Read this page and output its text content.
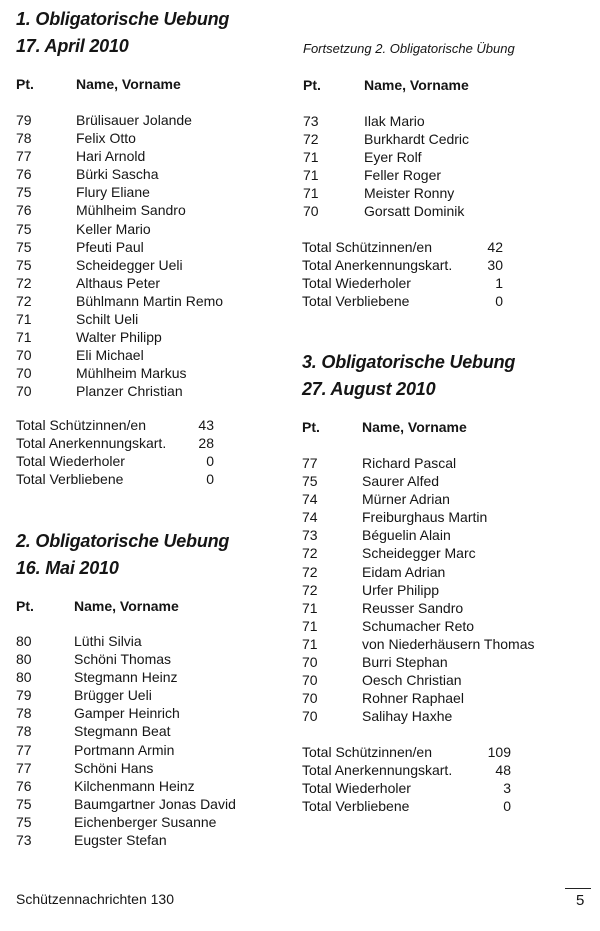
1. Obligatorische Uebung
17. April 2010
Pt.	Name, Vorname
79	Brülisauer Jolande
78	Felix Otto
77	Hari Arnold
76	Bürki Sascha
75	Flury Eliane
76	Mühlheim Sandro
75	Keller Mario
75	Pfeuti Paul
75	Scheidegger Ueli
72	Althaus Peter
72	Bühlmann Martin Remo
71	Schilt Ueli
71	Walter Philipp
70	Eli Michael
70	Mühlheim Markus
70	Planzer Christian
Total Schützinnen/en	43
Total Anerkennungskart.	28
Total Wiederholer	0
Total Verbliebene	0
2. Obligatorische Uebung
16. Mai 2010
Pt.	Name, Vorname
80	Lüthi Silvia
80	Schöni Thomas
80	Stegmann Heinz
79	Brügger Ueli
78	Gamper Heinrich
78	Stegmann Beat
77	Portmann Armin
77	Schöni Hans
76	Kilchenmann Heinz
75	Baumgartner Jonas David
75	Eichenberger Susanne
73	Eugster Stefan
Fortsetzung 2. Obligatorische Übung
Pt.	Name, Vorname
73	Ilak Mario
72	Burkhardt Cedric
71	Eyer Rolf
71	Feller Roger
71	Meister Ronny
70	Gorsatt Dominik
Total Schützinnen/en	42
Total Anerkennungskart.	30
Total Wiederholer	1
Total Verbliebene	0
3. Obligatorische Uebung
27. August 2010
Pt.	Name, Vorname
77	Richard Pascal
75	Saurer Alfed
74	Mürner Adrian
74	Freiburghaus Martin
73	Béguelin Alain
72	Scheidegger Marc
72	Eidam Adrian
72	Urfer Philipp
71	Reusser Sandro
71	Schumacher Reto
71	von Niederhäusern Thomas
70	Burri Stephan
70	Oesch Christian
70	Rohner Raphael
70	Salihay Haxhe
Total Schützinnen/en	109
Total Anerkennungskart.	48
Total Wiederholer	3
Total Verbliebene	0
Schützennachrichten 130	5
